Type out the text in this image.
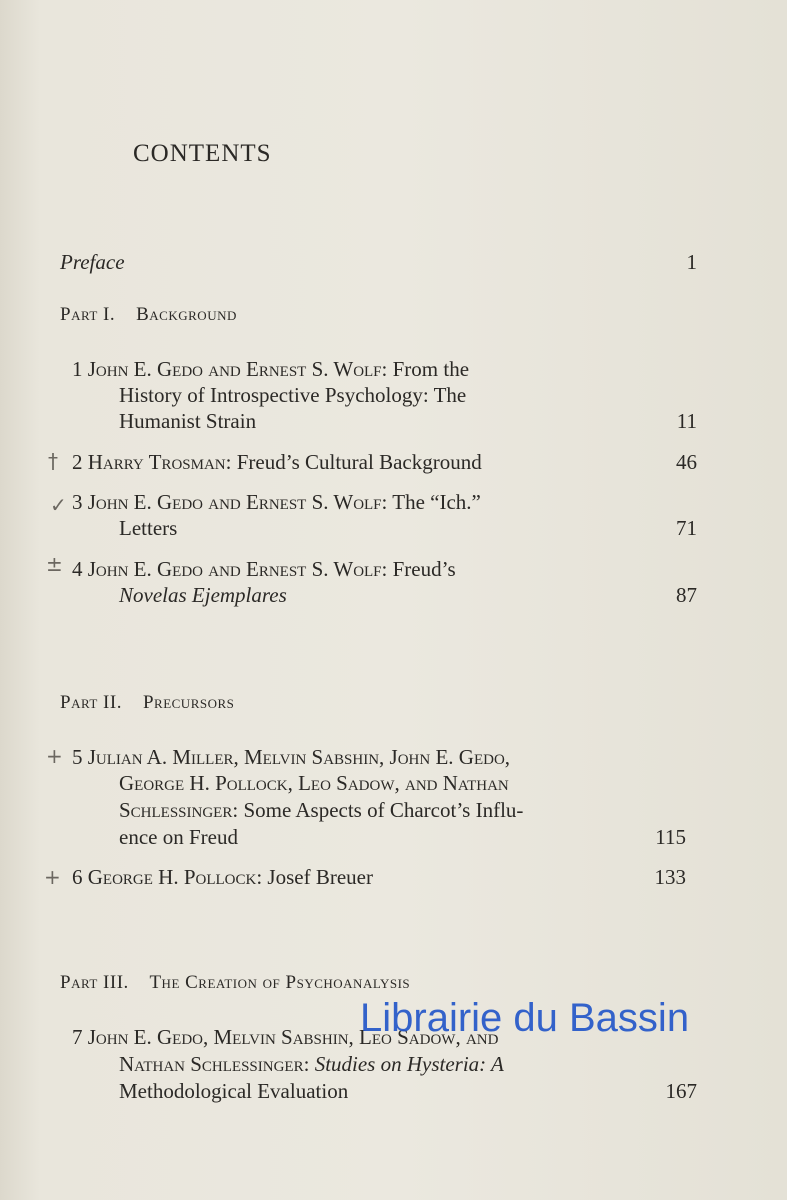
CONTENTS
Preface	1
Part I. Background
1 John E. Gedo and Ernest S. Wolf: From the
History of Introspective Psychology: The
Humanist Strain	11
† 2 Harry Trosman: Freud’s Cultural Background	46
✓ 3 John E. Gedo and Ernest S. Wolf: The “Ich.”
Letters	71
± 4 John E. Gedo and Ernest S. Wolf: Freud’s
Novelas Ejemplares	87
Part II. Precursors
+ 5 Julian A. Miller, Melvin Sabshin, John E. Gedo,
George H. Pollock, Leo Sadow, and Nathan
Schlessinger: Some Aspects of Charcot’s Influ-
ence on Freud	115
+ 6 George H. Pollock: Josef Breuer	133
Part III. The Creation of Psychoanalysis
7 John E. Gedo, Melvin Sabshin, Leo Sadow, and
Nathan Schlessinger: Studies on Hysteria: A
Methodological Evaluation	167
Librairie du Bassin
